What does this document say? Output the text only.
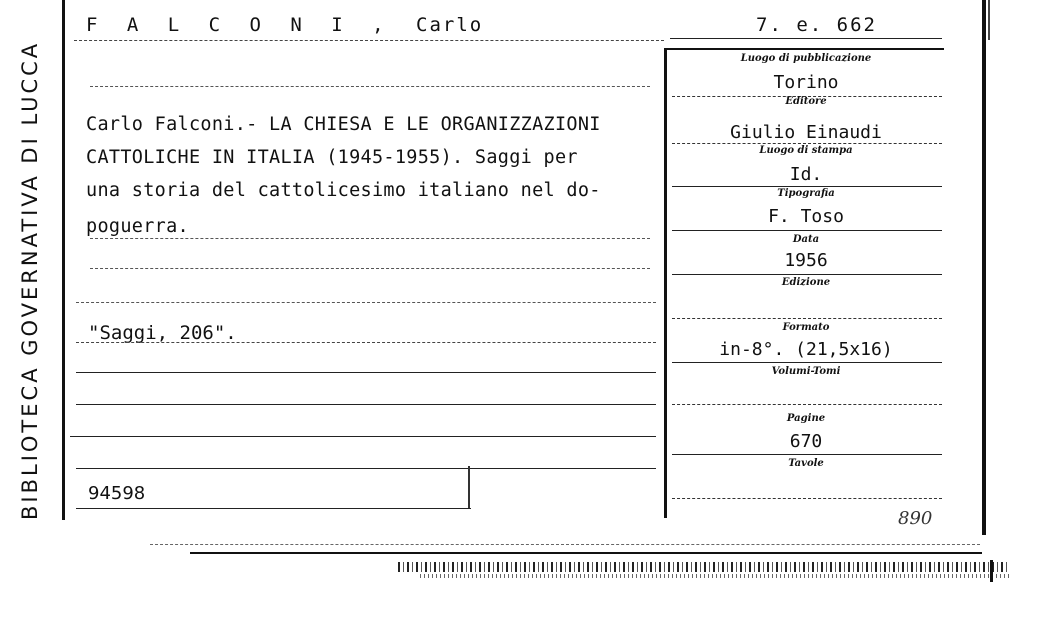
BIBLIOTECA GOVERNATIVA DI LUCCA
F A L C O N I , Carlo	7. e. 662
Carlo Falconi.- LA CHIESA E LE ORGANIZZAZIONI
CATTOLICHE IN ITALIA (1945-1955). Saggi per
una storia del cattolicesimo italiano nel do-
poguerra.
"Saggi, 206".
94598
Luogo di pubblicazione
Torino
Editore
Giulio Einaudi
Luogo di stampa
Id.
Tipografia
F. Toso
Data
1956
Edizione
Formato
in-8°. (21,5x16)
Volumi-Tomi
Pagine
670
Tavole
890
